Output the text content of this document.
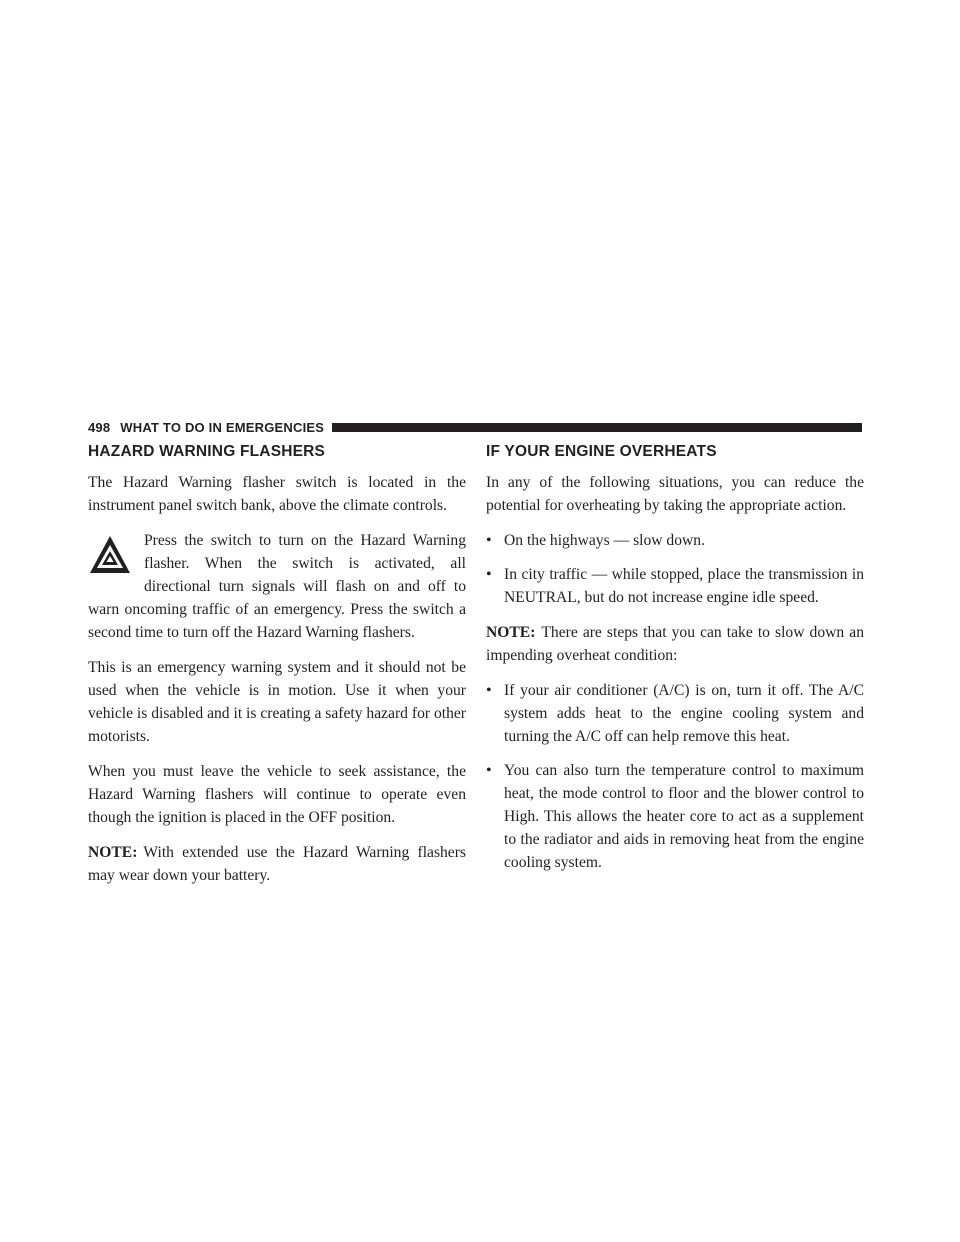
498 WHAT TO DO IN EMERGENCIES
HAZARD WARNING FLASHERS

The Hazard Warning flasher switch is located in the instrument panel switch bank, above the climate controls.

Press the switch to turn on the Hazard Warning flasher. When the switch is activated, all directional turn signals will flash on and off to warn oncoming traffic of an emergency. Press the switch a second time to turn off the Hazard Warning flashers.

This is an emergency warning system and it should not be used when the vehicle is in motion. Use it when your vehicle is disabled and it is creating a safety hazard for other motorists.

When you must leave the vehicle to seek assistance, the Hazard Warning flashers will continue to operate even though the ignition is placed in the OFF position.

NOTE: With extended use the Hazard Warning flashers may wear down your battery.

IF YOUR ENGINE OVERHEATS

In any of the following situations, you can reduce the potential for overheating by taking the appropriate action.

• On the highways — slow down.
• In city traffic — while stopped, place the transmission in NEUTRAL, but do not increase engine idle speed.

NOTE: There are steps that you can take to slow down an impending overheat condition:

• If your air conditioner (A/C) is on, turn it off. The A/C system adds heat to the engine cooling system and turning the A/C off can help remove this heat.
• You can also turn the temperature control to maximum heat, the mode control to floor and the blower control to High. This allows the heater core to act as a supplement to the radiator and aids in removing heat from the engine cooling system.
